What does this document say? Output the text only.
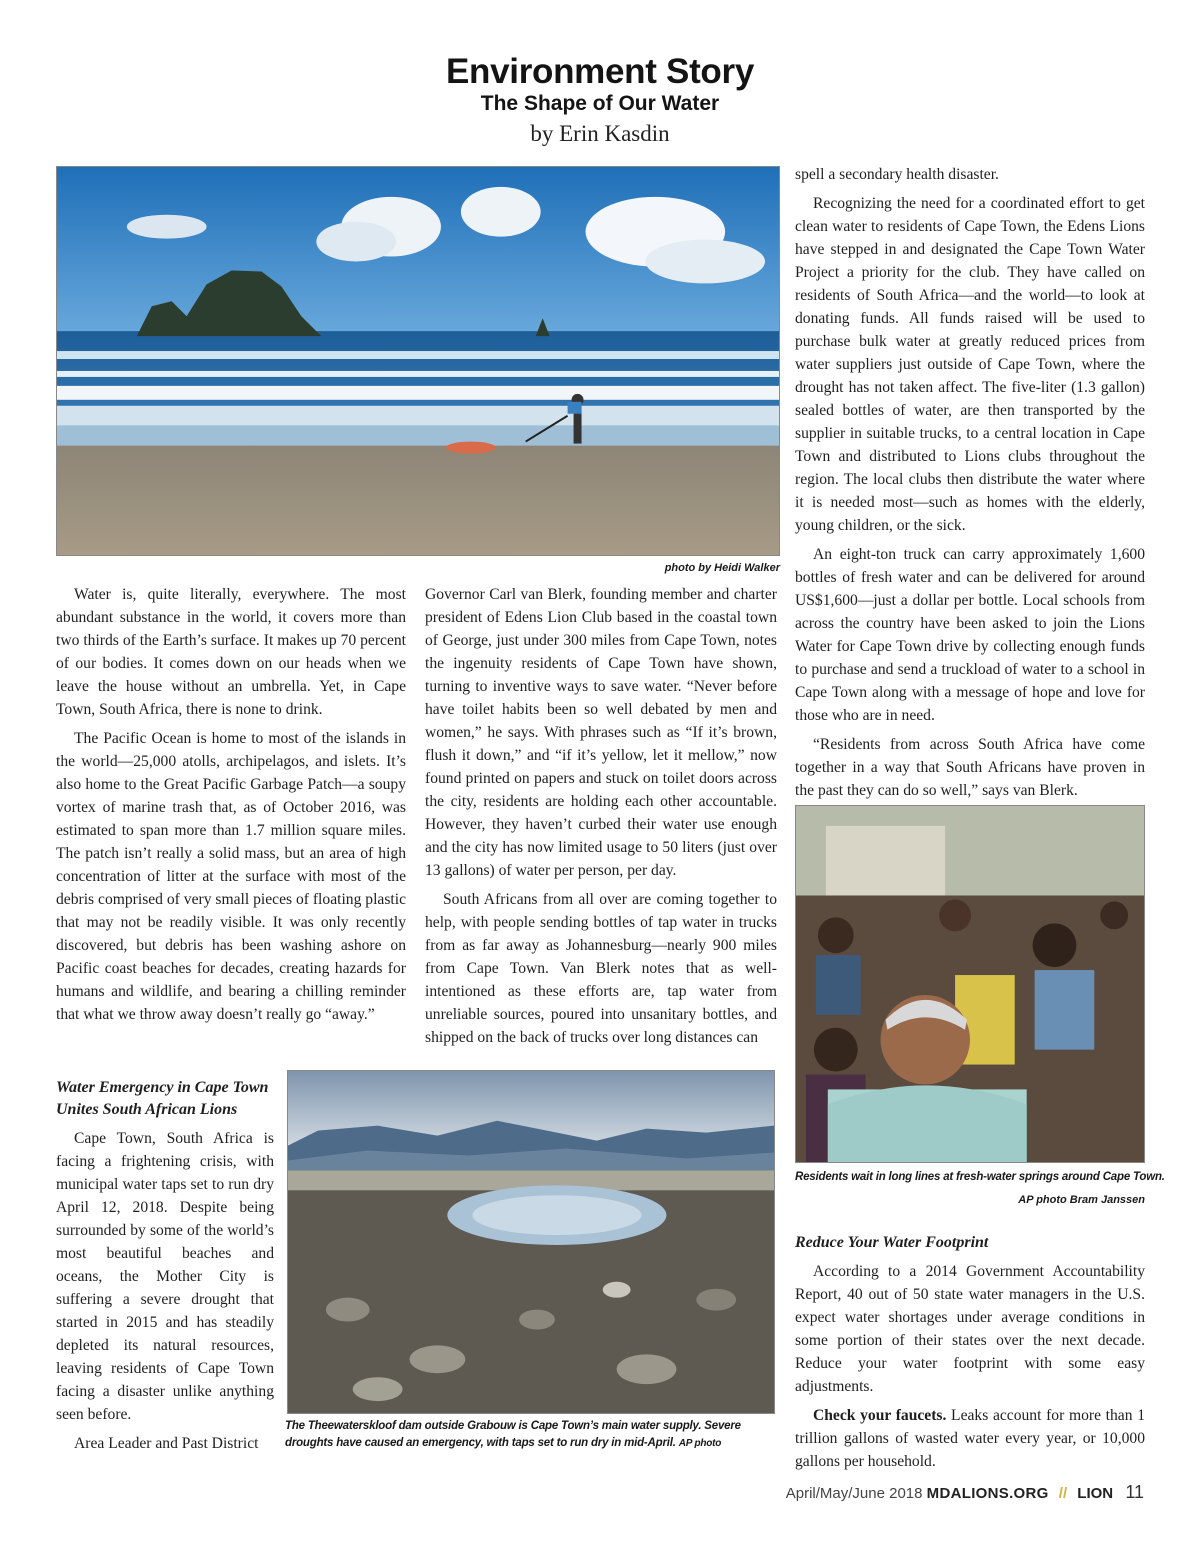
Environment Story
The Shape of Our Water
by Erin Kasdin
photo by Heidi Walker

Water is, quite literally, everywhere. The most abundant substance in the world, it covers more than two thirds of the Earth’s surface. It makes up 70 percent of our bodies. It comes down on our heads when we leave the house without an umbrella. Yet, in Cape Town, South Africa, there is none to drink.

The Pacific Ocean is home to most of the islands in the world—25,000 atolls, archipelagos, and islets. It’s also home to the Great Pacific Garbage Patch—a soupy vortex of marine trash that, as of October 2016, was estimated to span more than 1.7 million square miles. The patch isn’t really a solid mass, but an area of high concentration of litter at the surface with most of the debris comprised of very small pieces of floating plastic that may not be readily visible. It was only recently discovered, but debris has been washing ashore on Pacific coast beaches for decades, creating hazards for humans and wildlife, and bearing a chilling reminder that what we throw away doesn’t really go “away.”

Water Emergency in Cape Town Unites South African Lions

Cape Town, South Africa is facing a frightening crisis, with municipal water taps set to run dry April 12, 2018. Despite being surrounded by some of the world’s most beautiful beaches and oceans, the Mother City is suffering a severe drought that started in 2015 and has steadily depleted its natural resources, leaving residents of Cape Town facing a disaster unlike anything seen before.

Area Leader and Past District

Governor Carl van Blerk, founding member and charter president of Edens Lion Club based in the coastal town of George, just under 300 miles from Cape Town, notes the ingenuity residents of Cape Town have shown, turning to inventive ways to save water. “Never before have toilet habits been so well debated by men and women,” he says. With phrases such as “If it’s brown, flush it down,” and “if it’s yellow, let it mellow,” now found printed on papers and stuck on toilet doors across the city, residents are holding each other accountable. However, they haven’t curbed their water use enough and the city has now limited usage to 50 liters (just over 13 gallons) of water per person, per day.

South Africans from all over are coming together to help, with people sending bottles of tap water in trucks from as far away as Johannesburg—nearly 900 miles from Cape Town. Van Blerk notes that as well-intentioned as these efforts are, tap water from unreliable sources, poured into unsanitary bottles, and shipped on the back of trucks over long distances can

The Theewaterskloof dam outside Grabouw is Cape Town’s main water supply. Severe droughts have caused an emergency, with taps set to run dry in mid-April. AP photo

spell a secondary health disaster.

Recognizing the need for a coordinated effort to get clean water to residents of Cape Town, the Edens Lions have stepped in and designated the Cape Town Water Project a priority for the club. They have called on residents of South Africa—and the world—to look at donating funds. All funds raised will be used to purchase bulk water at greatly reduced prices from water suppliers just outside of Cape Town, where the drought has not taken affect. The five-liter (1.3 gallon) sealed bottles of water, are then transported by the supplier in suitable trucks, to a central location in Cape Town and distributed to Lions clubs throughout the region. The local clubs then distribute the water where it is needed most—such as homes with the elderly, young children, or the sick.

An eight-ton truck can carry approximately 1,600 bottles of fresh water and can be delivered for around US$1,600—just a dollar per bottle. Local schools from across the country have been asked to join the Lions Water for Cape Town drive by collecting enough funds to purchase and send a truckload of water to a school in Cape Town along with a message of hope and love for those who are in need.

“Residents from across South Africa have come together in a way that South Africans have proven in the past they can do so well,” says van Blerk.

Residents wait in long lines at fresh-water springs around Cape Town.
AP photo Bram Janssen
Reduce Your Water Footprint

According to a 2014 Government Accountability Report, 40 out of 50 state water managers in the U.S. expect water shortages under average conditions in some portion of their states over the next decade. Reduce your water footprint with some easy adjustments.

Check your faucets. Leaks account for more than 1 trillion gallons of wasted water every year, or 10,000 gallons per household.

April/May/June 2018 MDALIONS.ORG // LION 11
